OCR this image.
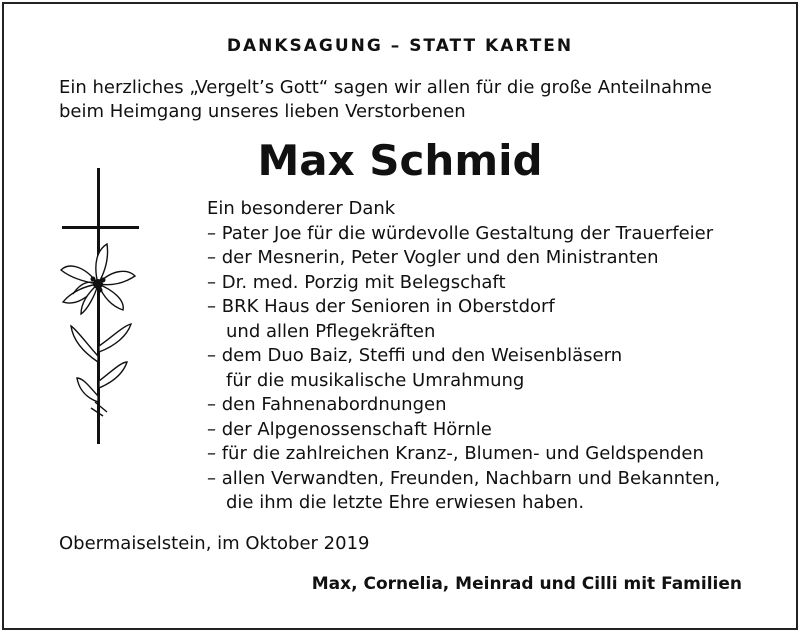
DANKSAGUNG – STATT KARTEN
Ein herzliches „Vergelt’s Gott“ sagen wir allen für die große Anteilnahme
beim Heimgang unseres lieben Verstorbenen
Max Schmid
Ein besonderer Dank
– Pater Joe für die würdevolle Gestaltung der Trauerfeier
– der Mesnerin, Peter Vogler und den Ministranten
– Dr. med. Porzig mit Belegschaft
– BRK Haus der Senioren in Oberstdorf
und allen Pflegekräften
– dem Duo Baiz, Steffi und den Weisenbläsern
für die musikalische Umrahmung
– den Fahnenabordnungen
– der Alpgenossenschaft Hörnle
– für die zahlreichen Kranz-, Blumen- und Geldspenden
– allen Verwandten, Freunden, Nachbarn und Bekannten,
die ihm die letzte Ehre erwiesen haben.
Obermaiselstein, im Oktober 2019
Max, Cornelia, Meinrad und Cilli mit Familien
